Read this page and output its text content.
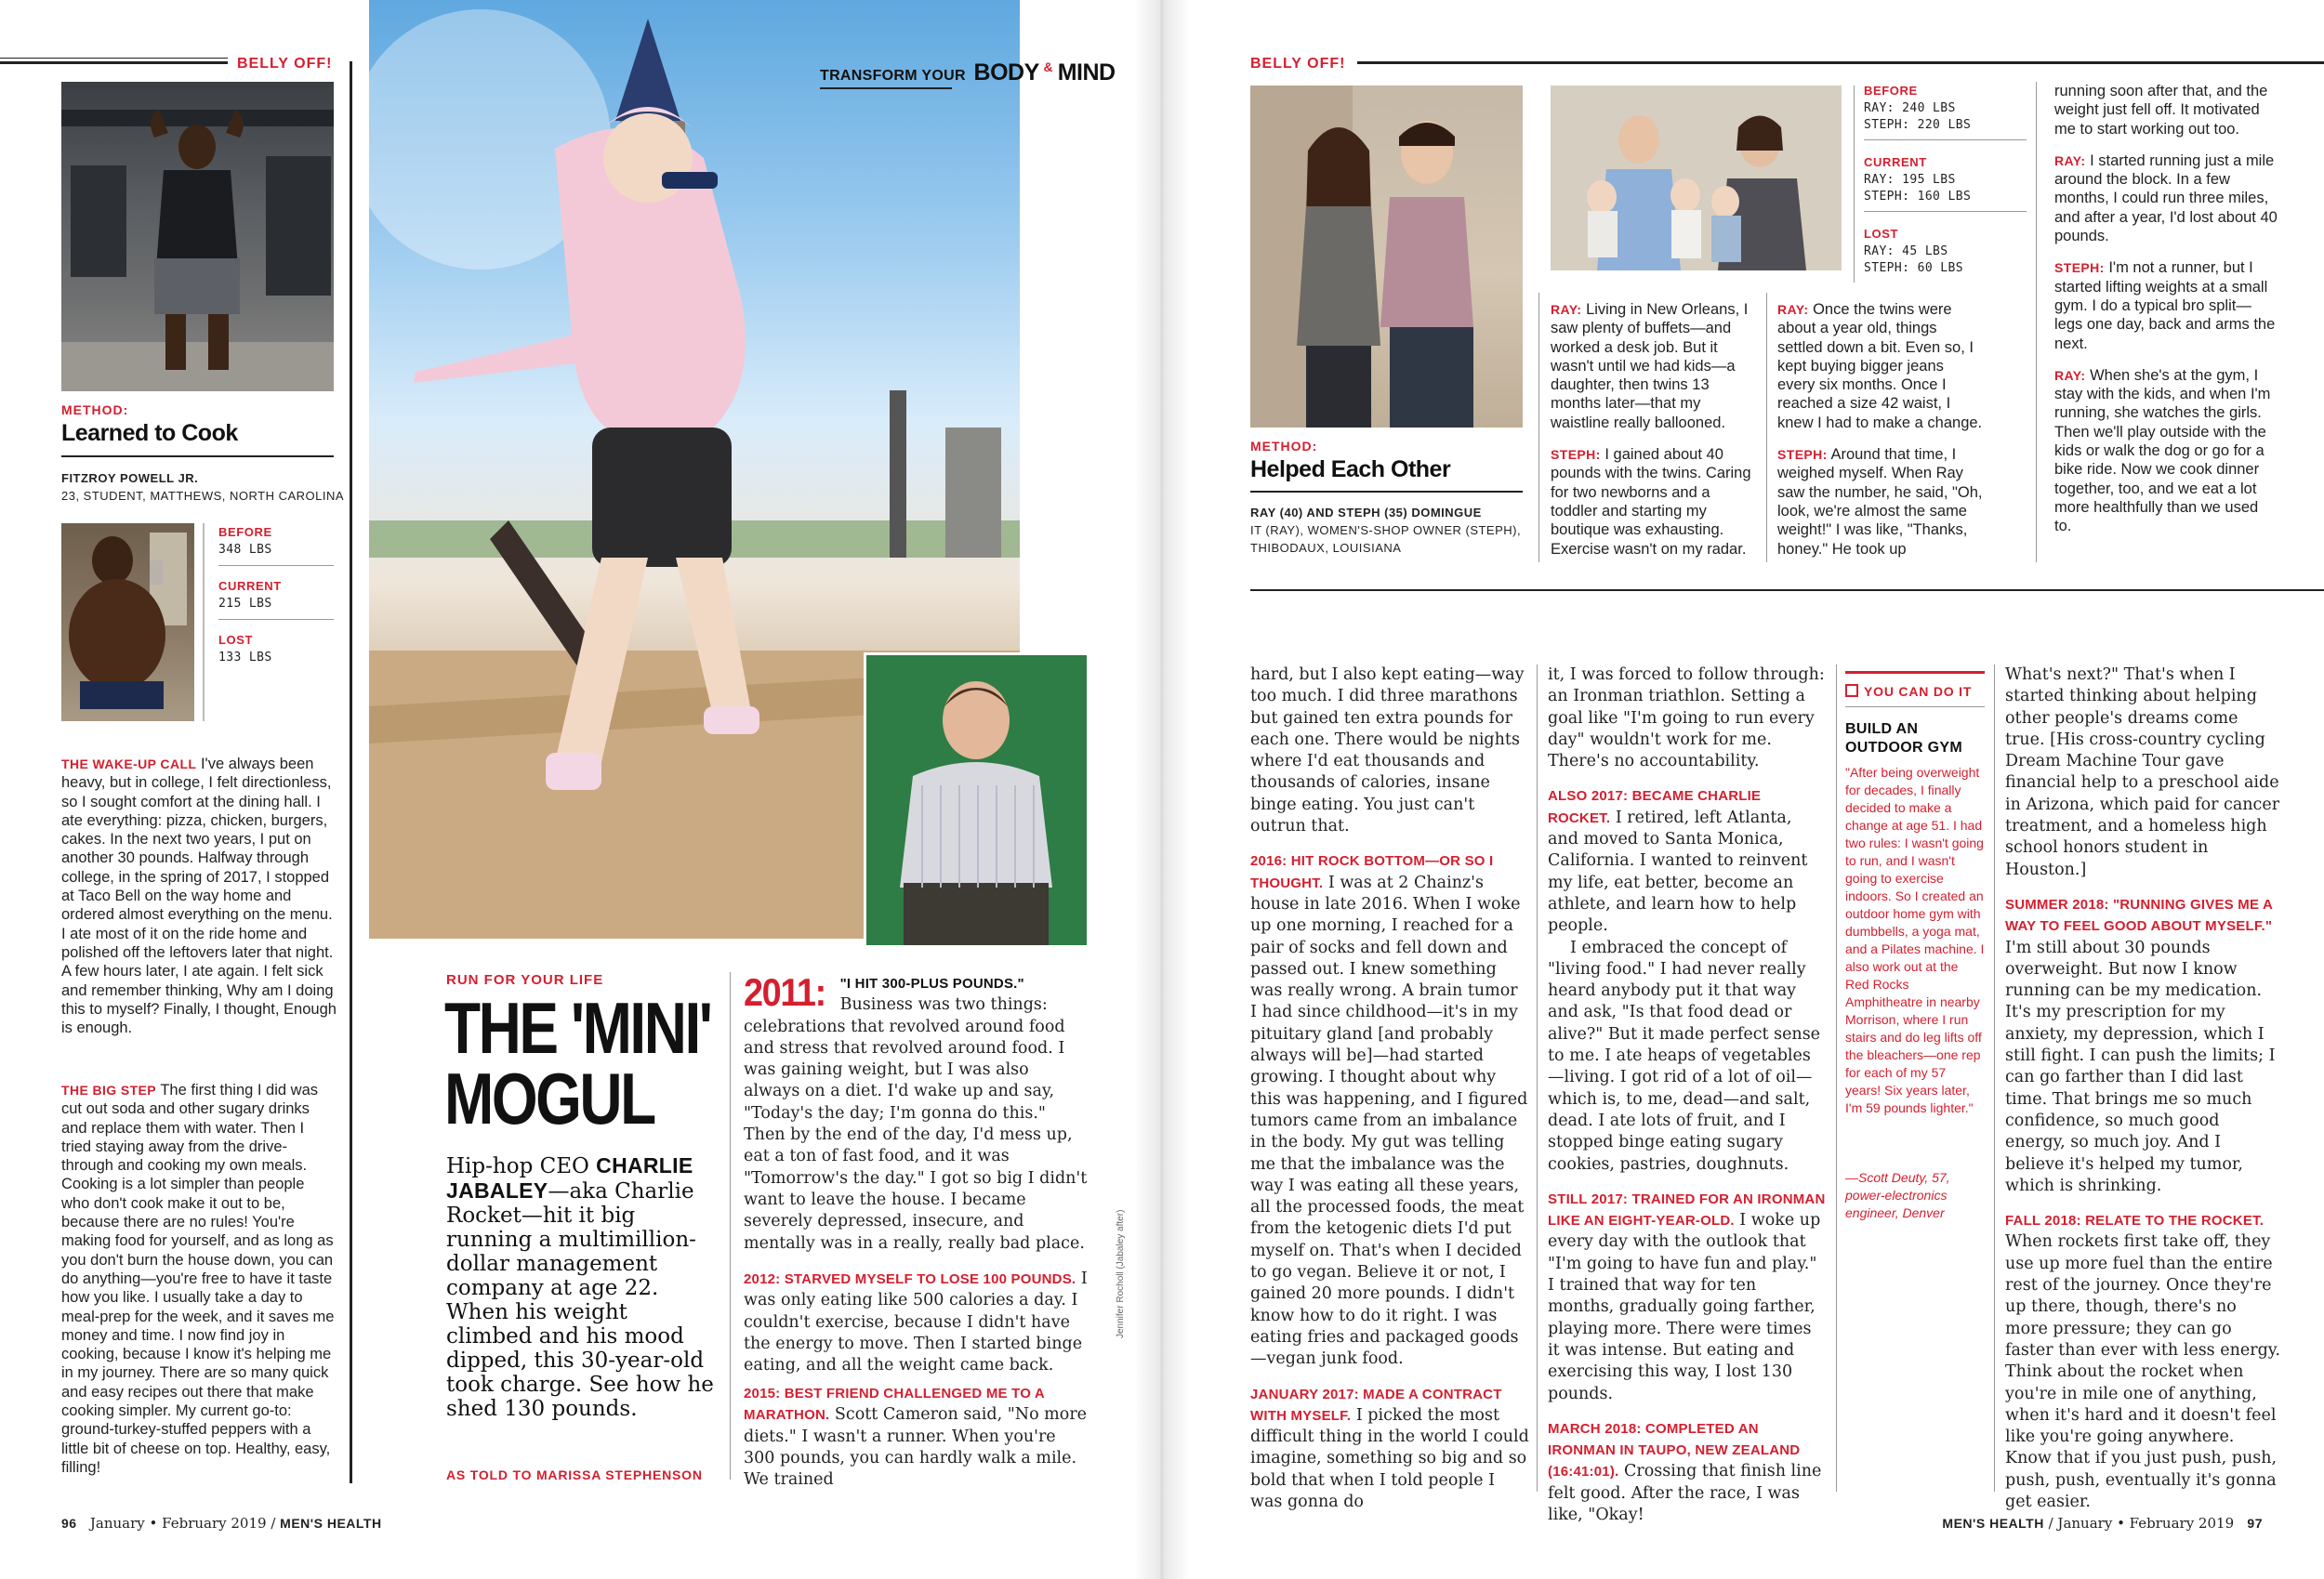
BELLY OFF!
METHOD:
Learned to Cook
FITZROY POWELL JR.
23, STUDENT, MATTHEWS, NORTH CAROLINA
BEFORE
348 LBS
CURRENT
215 LBS
LOST
133 LBS
THE WAKE-UP CALL I've always been heavy, but in college, I felt directionless, so I sought comfort at the dining hall. I ate everything: pizza, chicken, burgers, cakes. In the next two years, I put on another 30 pounds. Halfway through college, in the spring of 2017, I stopped at Taco Bell on the way home and ordered almost everything on the menu. I ate most of it on the ride home and polished off the leftovers later that night. A few hours later, I ate again. I felt sick and remember thinking, Why am I doing this to myself? Finally, I thought, Enough is enough.
THE BIG STEP The first thing I did was cut out soda and other sugary drinks and replace them with water. Then I tried staying away from the drive-through and cooking my own meals. Cooking is a lot simpler than people who don't cook make it out to be, because there are no rules! You're making food for yourself, and as long as you don't burn the house down, you can do anything—you're free to have it taste how you like. I usually take a day to meal-prep for the week, and it saves me money and time. I now find joy in cooking, because I know it's helping me in my journey. There are so many quick and easy recipes out there that make cooking simpler. My current go-to: ground-turkey-stuffed peppers with a little bit of cheese on top. Healthy, easy, filling!
TRANSFORM YOUR BODY & MIND
RUN FOR YOUR LIFE
THE 'MINI'
MOGUL
Hip-hop CEO CHARLIE JABALEY—aka Charlie Rocket—hit it big running a multimillion-dollar management company at age 22. When his weight climbed and his mood dipped, this 30-year-old took charge. See how he shed 130 pounds.
AS TOLD TO MARISSA STEPHENSON
2011: "I HIT 300-PLUS POUNDS." Business was two things: celebrations that revolved around food and stress that revolved around food. I was gaining weight, but I was also always on a diet. I'd wake up and say, "Today's the day; I'm gonna do this." Then by the end of the day, I'd mess up, eat a ton of fast food, and it was "Tomorrow's the day." I got so big I didn't want to leave the house. I became severely depressed, insecure, and mentally was in a really, really bad place.
2012: STARVED MYSELF TO LOSE 100 POUNDS. I was only eating like 500 calories a day. I couldn't exercise, because I didn't have the energy to move. Then I started binge eating, and all the weight came back.
2015: BEST FRIEND CHALLENGED ME TO A MARATHON. Scott Cameron said, "No more diets." I wasn't a runner. When you're 300 pounds, you can hardly walk a mile. We trained
Jennifer Rocholl (Jabaley after)
96 January • February 2019 / MEN'S HEALTH
BELLY OFF!
BEFORE
RAY: 240 LBS
STEPH: 220 LBS
CURRENT
RAY: 195 LBS
STEPH: 160 LBS
LOST
RAY: 45 LBS
STEPH: 60 LBS
METHOD:
Helped Each Other
RAY (40) AND STEPH (35) DOMINGUE
IT (RAY), WOMEN'S-SHOP OWNER (STEPH),
THIBODAUX, LOUISIANA

RAY: Living in New Orleans, I saw plenty of buffets—and worked a desk job. But it wasn't until we had kids—a daughter, then twins 13 months later—that my waistline really ballooned.

STEPH: I gained about 40 pounds with the twins. Caring for two newborns and a toddler and starting my boutique was exhausting. Exercise wasn't on my radar.

RAY: Once the twins were about a year old, things settled down a bit. Even so, I kept buying bigger jeans every six months. Once I reached a size 42 waist, I knew I had to make a change.

STEPH: Around that time, I weighed myself. When Ray saw the number, he said, "Oh, look, we're almost the same weight!" I was like, "Thanks, honey." He took up

running soon after that, and the weight just fell off. It motivated me to start working out too.

RAY: I started running just a mile around the block. In a few months, I could run three miles, and after a year, I'd lost about 40 pounds.

STEPH: I'm not a runner, but I started lifting weights at a small gym. I do a typical bro split—legs one day, back and arms the next.

RAY: When she's at the gym, I stay with the kids, and when I'm running, she watches the girls. Then we'll play outside with the kids or walk the dog or go for a bike ride. Now we cook dinner together, too, and we eat a lot more healthfully than we used to.

hard, but I also kept eating—way too much. I did three marathons but gained ten extra pounds for each one. There would be nights where I'd eat thousands and thousands of calories, insane binge eating. You just can't outrun that.

2016: HIT ROCK BOTTOM—OR SO I THOUGHT. I was at 2 Chainz's house in late 2016. When I woke up one morning, I reached for a pair of socks and fell down and passed out. I knew something was really wrong. A brain tumor I had since childhood—it's in my pituitary gland [and probably always will be]—had started growing. I thought about why this was happening, and I figured tumors came from an imbalance in the body. My gut was telling me that the imbalance was the way I was eating all these years, all the processed foods, the meat from the ketogenic diets I'd put myself on. That's when I decided to go vegan. Believe it or not, I gained 20 more pounds. I didn't know how to do it right. I was eating fries and packaged goods—vegan junk food.

JANUARY 2017: MADE A CONTRACT WITH MYSELF. I picked the most difficult thing in the world I could imagine, something so big and so bold that when I told people I was gonna do

it, I was forced to follow through: an Ironman triathlon. Setting a goal like "I'm going to run every day" wouldn't work for me. There's no accountability.

ALSO 2017: BECAME CHARLIE ROCKET. I retired, left Atlanta, and moved to Santa Monica, California. I wanted to reinvent my life, eat better, become an athlete, and learn how to help people.

I embraced the concept of "living food." I had never really heard anybody put it that way and ask, "Is that food dead or alive?" But it made perfect sense to me. I ate heaps of vegetables—living. I got rid of a lot of oil—which is, to me, dead—and salt, dead. I ate lots of fruit, and I stopped binge eating sugary cookies, pastries, doughnuts.

STILL 2017: TRAINED FOR AN IRONMAN LIKE AN EIGHT-YEAR-OLD. I woke up every day with the outlook that "I'm going to have fun and play." I trained that way for ten months, gradually going farther, playing more. There were times it was intense. But eating and exercising this way, I lost 130 pounds.

MARCH 2018: COMPLETED AN IRONMAN IN TAUPO, NEW ZEALAND (16:41:01). Crossing that finish line felt good. After the race, I was like, "Okay!

YOU CAN DO IT
BUILD AN
OUTDOOR GYM
"After being overweight for decades, I finally decided to make a change at age 51. I had two rules: I wasn't going to run, and I wasn't going to exercise indoors. So I created an outdoor home gym with dumbbells, a yoga mat, and a Pilates machine. I also work out at the Red Rocks Amphitheatre in nearby Morrison, where I run stairs and do leg lifts off the bleachers—one rep for each of my 57 years! Six years later, I'm 59 pounds lighter."
—Scott Deuty, 57, power-electronics engineer, Denver

What's next?" That's when I started thinking about helping other people's dreams come true. [His cross-country cycling Dream Machine Tour gave financial help to a preschool aide in Arizona, which paid for cancer treatment, and a homeless high school honors student in Houston.]

SUMMER 2018: "RUNNING GIVES ME A WAY TO FEEL GOOD ABOUT MYSELF." I'm still about 30 pounds overweight. But now I know running can be my medication. It's my prescription for my anxiety, my depression, which I still fight. I can push the limits; I can go farther than I did last time. That brings me so much confidence, so much good energy, so much joy. And I believe it's helped my tumor, which is shrinking.

FALL 2018: RELATE TO THE ROCKET. When rockets first take off, they use up more fuel than the entire rest of the journey. Once they're up there, though, there's no more pressure; they can go faster than ever with less energy. Think about the rocket when you're in mile one of anything, when it's hard and it doesn't feel like you're going anywhere. Know that if you just push, push, push, push, eventually it's gonna get easier.

MEN'S HEALTH / January • February 2019 97
